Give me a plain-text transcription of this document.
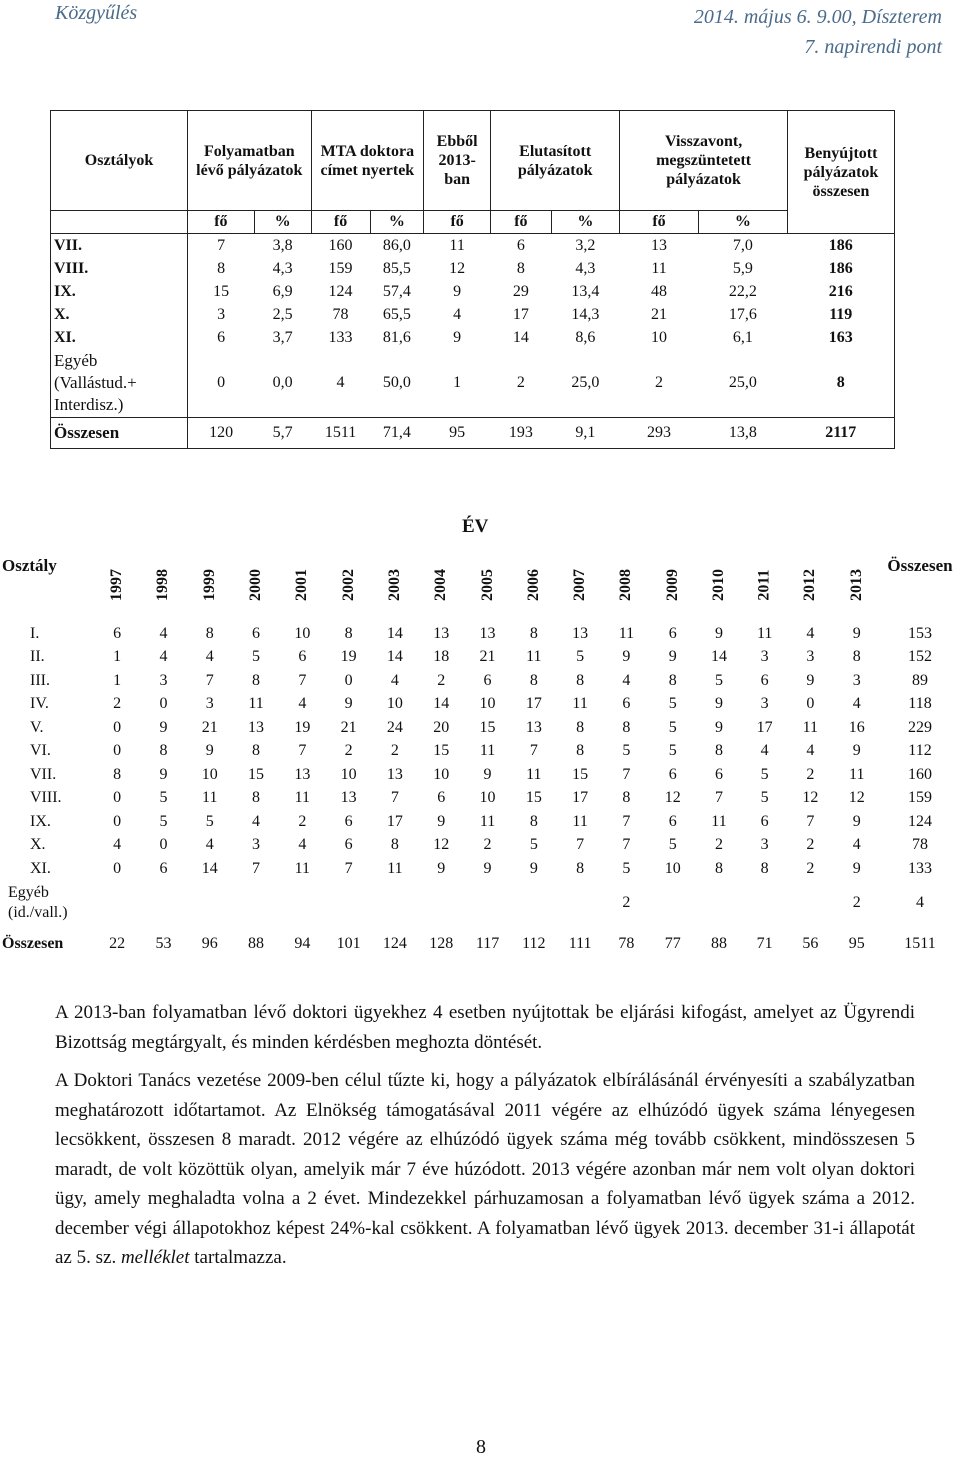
Közgyűlés	2014. május 6. 9.00, Díszterem
7. napirendi pont
Osztályok	Folyamatban lévő pályázatok		MTA doktora címet nyertek		Ebből 2013-ban	Elutasított pályázatok		Visszavont, megszüntetett pályázatok		Benyújtott pályázatok összesen
	fő	%	fő	%	fő	fő	%	fő	%	
VII.	7	3,8	160	86,0	11	6	3,2	13	7,0	186
VIII.	8	4,3	159	85,5	12	8	4,3	11	5,9	186
IX.	15	6,9	124	57,4	9	29	13,4	48	22,2	216
X.	3	2,5	78	65,5	4	17	14,3	21	17,6	119
XI.	6	3,7	133	81,6	9	14	8,6	10	6,1	163
Egyéb (Vallástud.+ Interdisz.)	0	0,0	4	50,0	1	2	25,0	2	25,0	8
Összesen	120	5,7	1511	71,4	95	193	9,1	293	13,8	2117
ÉV
Osztály	1997	1998	1999	2000	2001	2002	2003	2004	2005	2006	2007	2008	2009	2010	2011	2012	2013	Összesen
I.	6	4	8	6	10	8	14	13	13	8	13	11	6	9	11	4	9	153
II.	1	4	4	5	6	19	14	18	21	11	5	9	9	14	3	3	8	152
III.	1	3	7	8	7	0	4	2	6	8	8	4	8	5	6	9	3	89
IV.	2	0	3	11	4	9	10	14	10	17	11	6	5	9	3	0	4	118
V.	0	9	21	13	19	21	24	20	15	13	8	8	5	9	17	11	16	229
VI.	0	8	9	8	7	2	2	15	11	7	8	5	5	8	4	4	9	112
VII.	8	9	10	15	13	10	13	10	9	11	15	7	6	6	5	2	11	160
VIII.	0	5	11	8	11	13	7	6	10	15	17	8	12	7	5	12	12	159
IX.	0	5	5	4	2	6	17	9	11	8	11	7	6	11	6	7	9	124
X.	4	0	4	3	4	6	8	12	2	5	7	7	5	2	3	2	4	78
XI.	0	6	14	7	11	7	11	9	9	9	8	5	10	8	8	2	9	133
Egyéb (id./vall.)												2					2	4
Összesen	22	53	96	88	94	101	124	128	117	112	111	78	77	88	71	56	95	1511
A 2013-ban folyamatban lévő doktori ügyekhez 4 esetben nyújtottak be eljárási kifogást, amelyet az Ügyrendi Bizottság megtárgyalt, és minden kérdésben meghozta döntését.
A Doktori Tanács vezetése 2009-ben célul tűzte ki, hogy a pályázatok elbírálásánál érvényesíti a szabályzatban meghatározott időtartamot. Az Elnökség támogatásával 2011 végére az elhúzódó ügyek száma lényegesen lecsökkent, összesen 8 maradt. 2012 végére az elhúzódó ügyek száma még tovább csökkent, mindösszesen 5 maradt, de volt közöttük olyan, amelyik már 7 éve húzódott. 2013 végére azonban már nem volt olyan doktori ügy, amely meghaladta volna a 2 évet. Mindezekkel párhuzamosan a folyamatban lévő ügyek száma a 2012. december végi állapotokhoz képest 24%-kal csökkent. A folyamatban lévő ügyek 2013. december 31-i állapotát az 5. sz. melléklet tartalmazza.
8
